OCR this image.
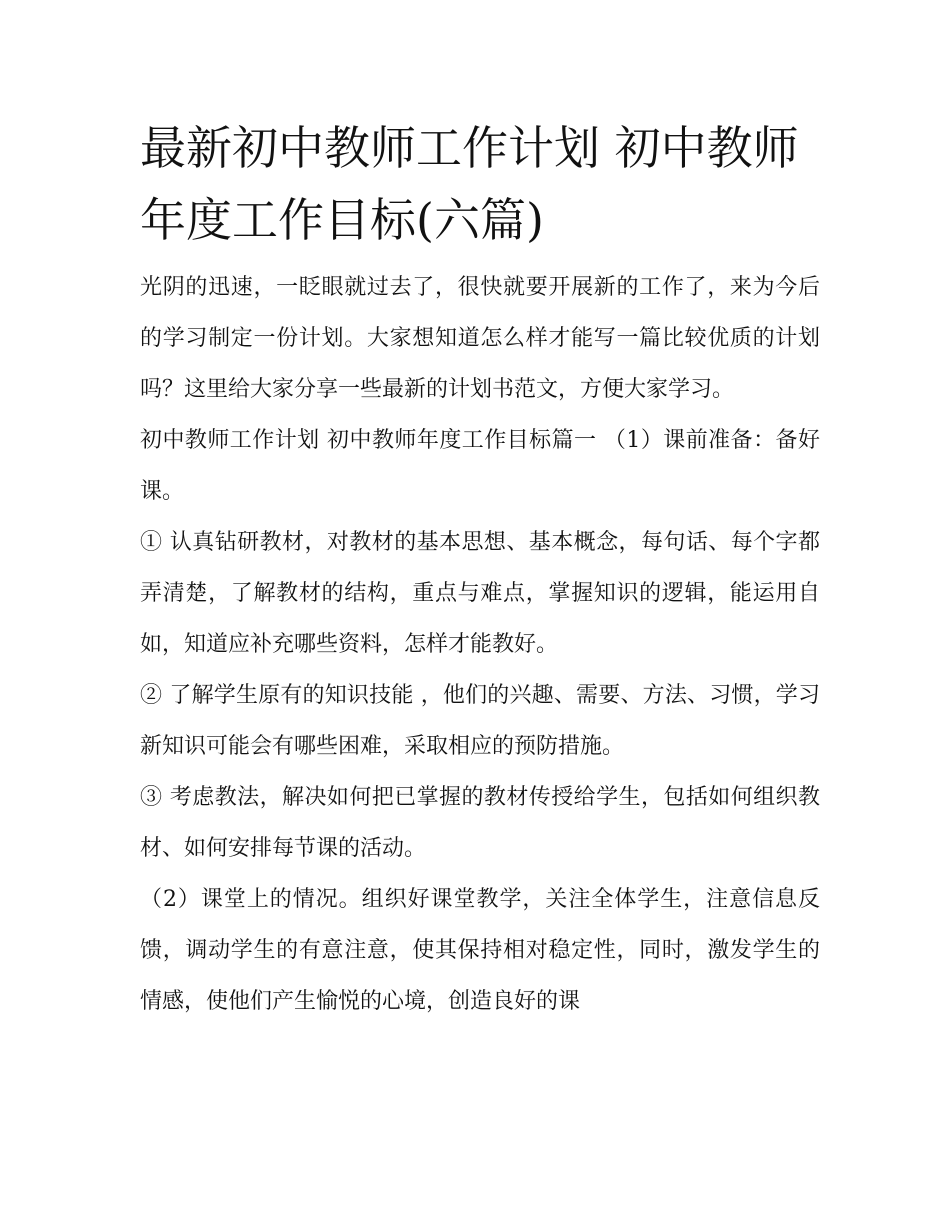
最新初中教师工作计划 初中教师年度工作目标(六篇)

光阴的迅速，一眨眼就过去了，很快就要开展新的工作了，来为今后的学习制定一份计划。大家想知道怎么样才能写一篇比较优质的计划吗？这里给大家分享一些最新的计划书范文，方便大家学习。

初中教师工作计划 初中教师年度工作目标篇一 （1）课前准备：备好课。

① 认真钻研教材，对教材的基本思想、基本概念，每句话、每个字都弄清楚，了解教材的结构，重点与难点，掌握知识的逻辑，能运用自如，知道应补充哪些资料，怎样才能教好。

② 了解学生原有的知识技能 ，他们的兴趣、需要、方法、习惯，学习新知识可能会有哪些困难，采取相应的预防措施。

③ 考虑教法，解决如何把已掌握的教材传授给学生，包括如何组织教材、如何安排每节课的活动。

（2）课堂上的情况。组织好课堂教学，关注全体学生，注意信息反馈，调动学生的有意注意，使其保持相对稳定性，同时，激发学生的情感，使他们产生愉悦的心境，创造良好的课
